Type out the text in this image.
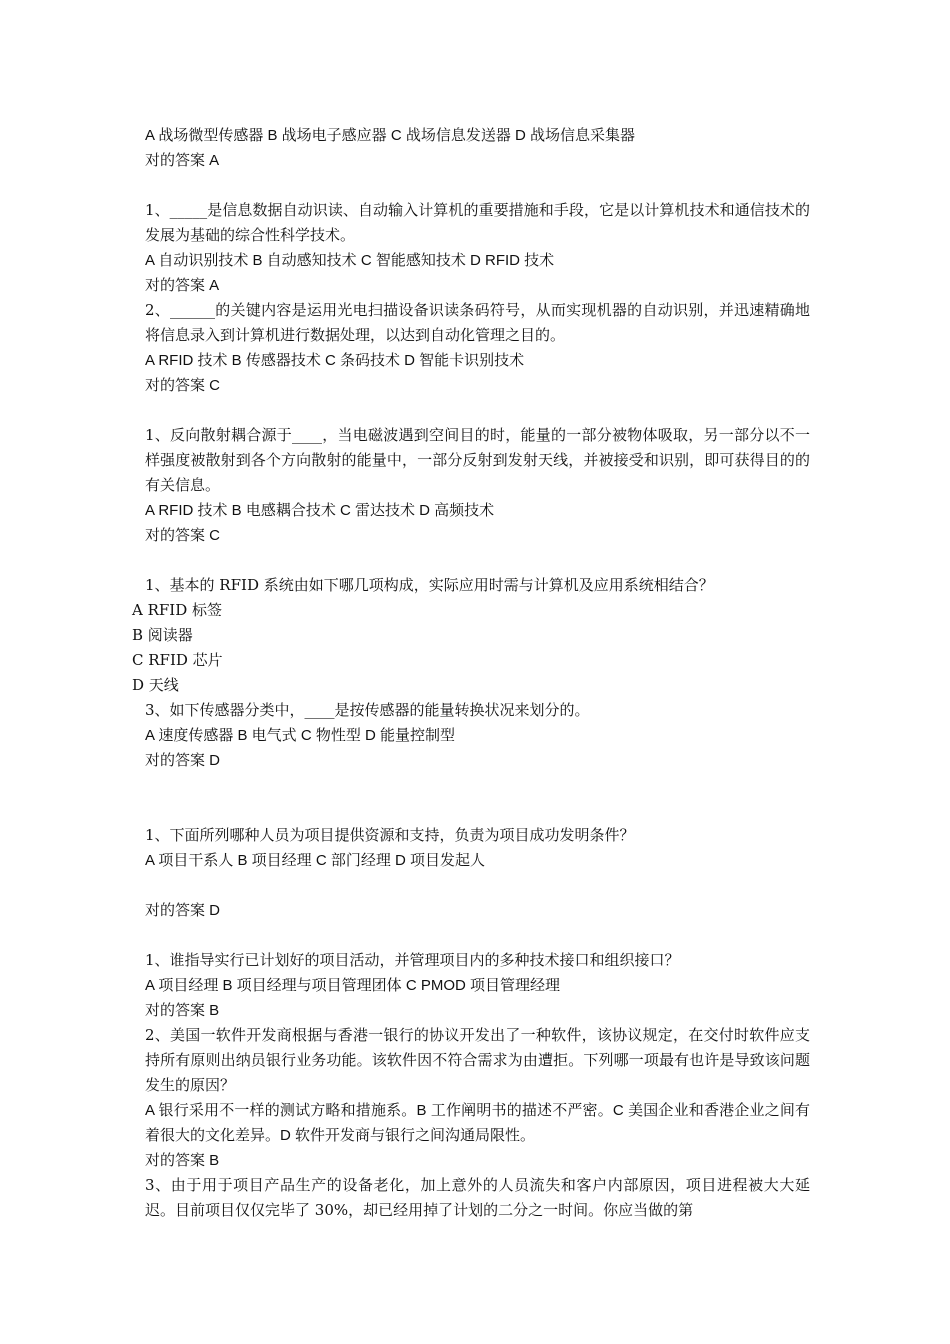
A 战场微型传感器 B 战场电子感应器 C 战场信息发送器 D 战场信息采集器
对的答案 A
1、_____是信息数据自动识读、自动输入计算机的重要措施和手段，它是以计算机技术和通信技术的发展为基础的综合性科学技术。
A 自动识别技术 B 自动感知技术 C 智能感知技术 D RFID 技术
对的答案 A
2、______的关键内容是运用光电扫描设备识读条码符号，从而实现机器的自动识别，并迅速精确地将信息录入到计算机进行数据处理，以达到自动化管理之目的。
A RFID 技术 B 传感器技术 C 条码技术 D 智能卡识别技术
对的答案 C
1、反向散射耦合源于____，当电磁波遇到空间目的时，能量的一部分被物体吸取，另一部分以不一样强度被散射到各个方向散射的能量中，一部分反射到发射天线，并被接受和识别，即可获得目的的有关信息。
A RFID 技术 B 电感耦合技术 C 雷达技术 D 高频技术
对的答案 C
1、基本的 RFID 系统由如下哪几项构成，实际应用时需与计算机及应用系统相结合？
A RFID 标签
B 阅读器
C RFID 芯片
D 天线
3、如下传感器分类中，____是按传感器的能量转换状况来划分的。
A 速度传感器 B 电气式 C 物性型 D 能量控制型
对的答案 D
1、下面所列哪种人员为项目提供资源和支持，负责为项目成功发明条件？
A 项目干系人 B 项目经理 C 部门经理 D 项目发起人
对的答案 D
1、谁指导实行已计划好的项目活动，并管理项目内的多种技术接口和组织接口？
A 项目经理 B 项目经理与项目管理团体 C PMOD 项目管理经理
对的答案 B
2、美国一软件开发商根据与香港一银行的协议开发出了一种软件，该协议规定，在交付时软件应支持所有原则出纳员银行业务功能。该软件因不符合需求为由遭拒。下列哪一项最有也许是导致该问题发生的原因？
A 银行采用不一样的测试方略和措施系。B 工作阐明书的描述不严密。C 美国企业和香港企业之间有着很大的文化差异。D 软件开发商与银行之间沟通局限性。
对的答案 B
3、由于用于项目产品生产的设备老化，加上意外的人员流失和客户内部原因，项目进程被大大延迟。目前项目仅仅完毕了 30%，却已经用掉了计划的二分之一时间。你应当做的第
